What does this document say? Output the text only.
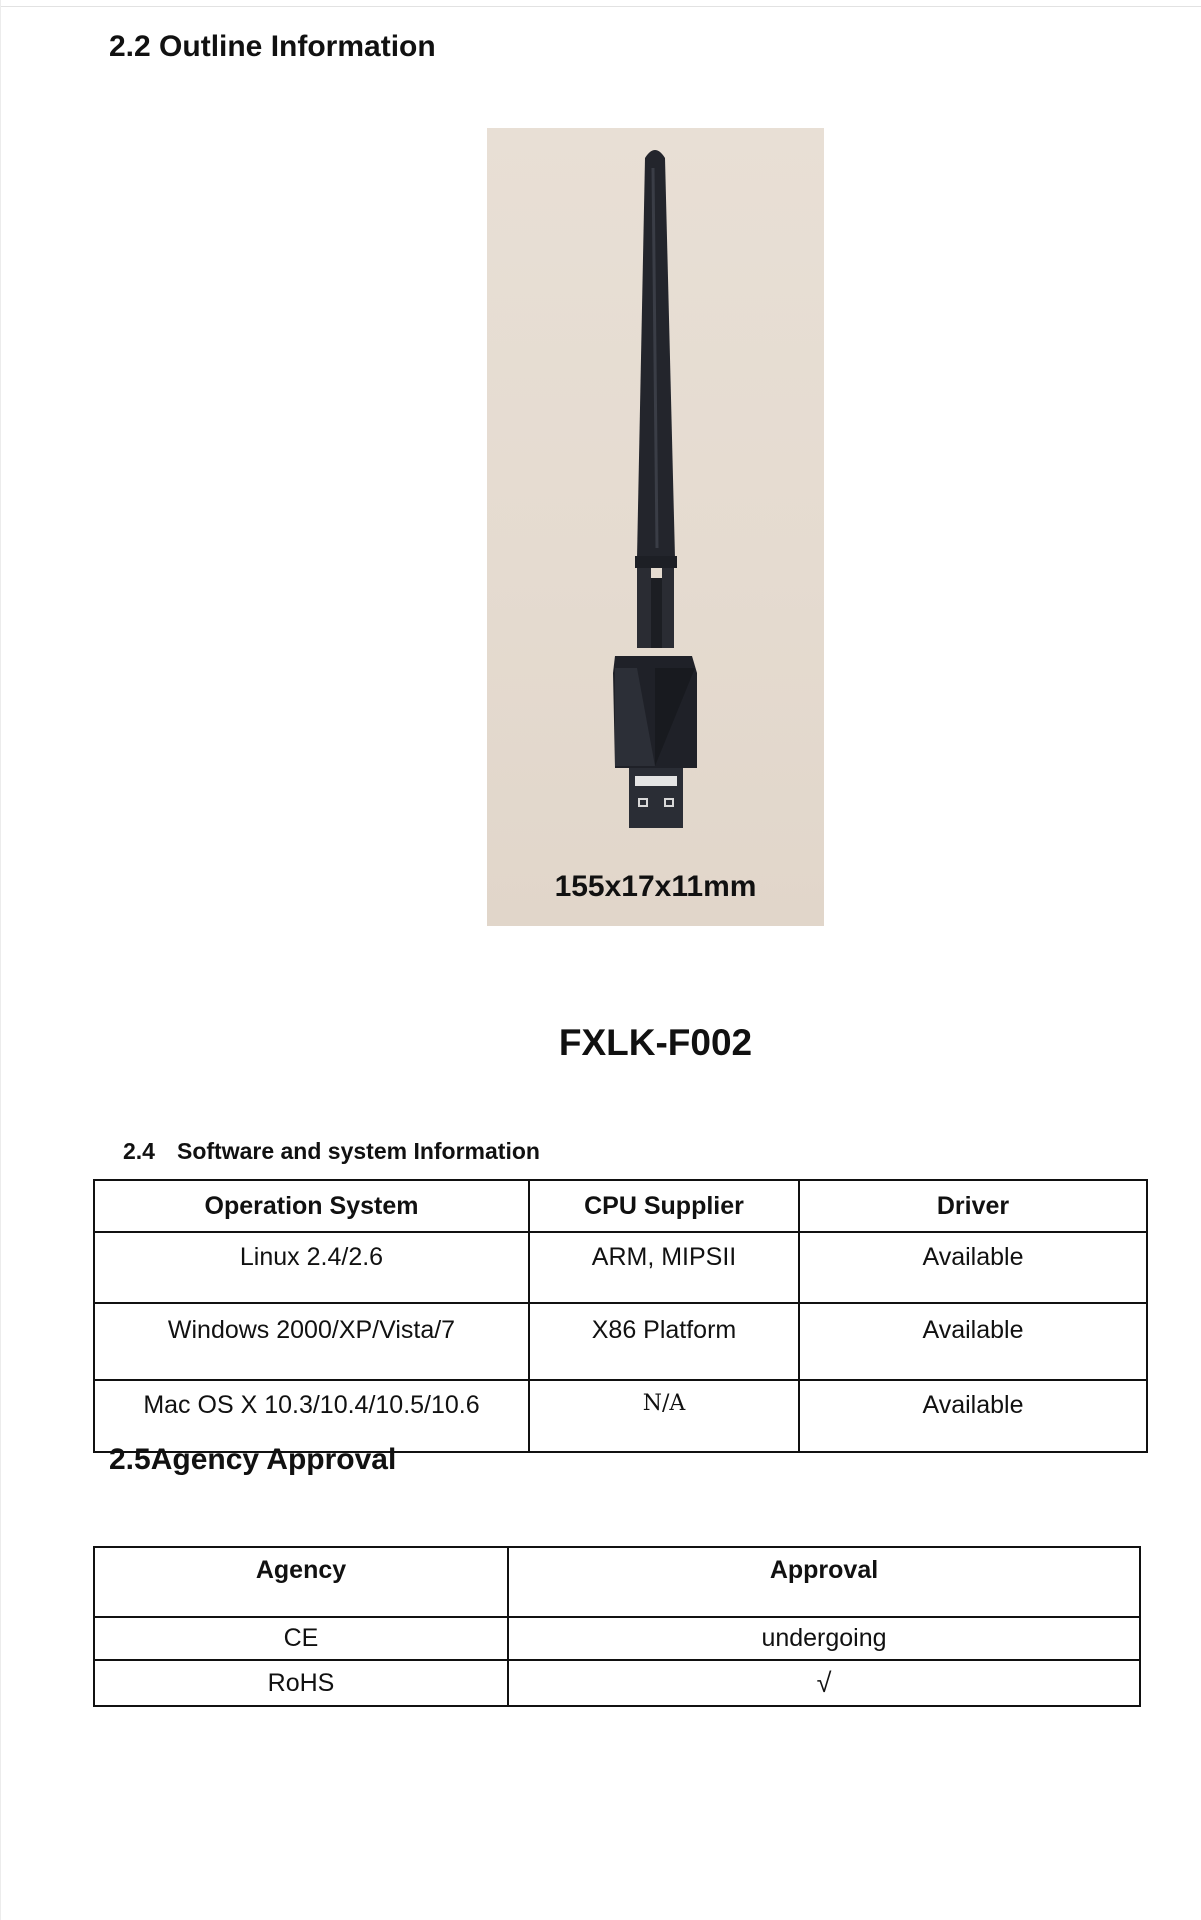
2.2 Outline Information
155x17x11mm
FXLK-F002
2.4 Software and system Information
Operation System	CPU Supplier	Driver
Linux 2.4/2.6	ARM, MIPSII	Available
Windows 2000/XP/Vista/7	X86 Platform	Available
Mac OS X 10.3/10.4/10.5/10.6	N/A	Available
2.5Agency Approval
Agency	Approval
CE	undergoing
RoHS	√
